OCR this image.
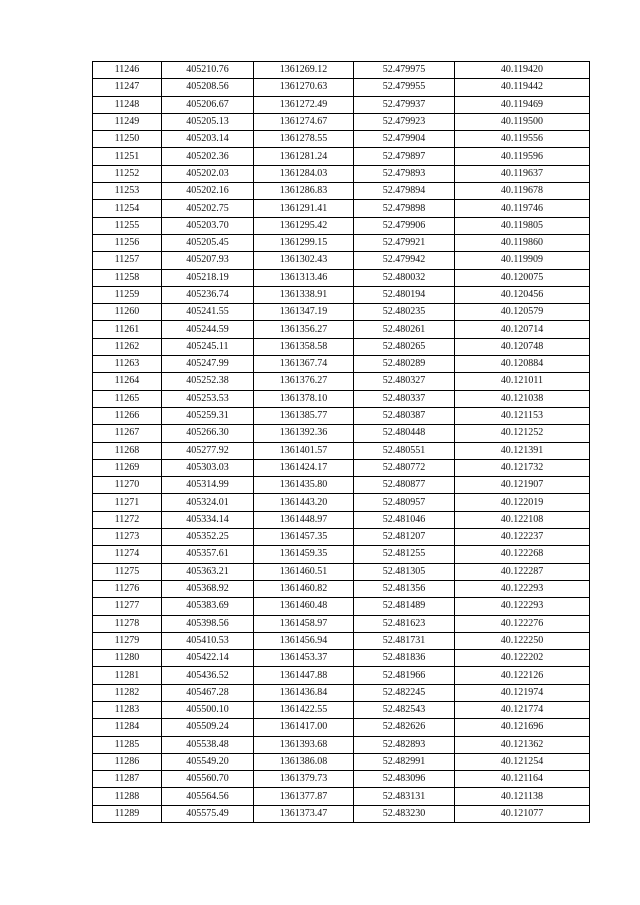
11246	405210.76	1361269.12	52.479975	40.119420
11247	405208.56	1361270.63	52.479955	40.119442
11248	405206.67	1361272.49	52.479937	40.119469
11249	405205.13	1361274.67	52.479923	40.119500
11250	405203.14	1361278.55	52.479904	40.119556
11251	405202.36	1361281.24	52.479897	40.119596
11252	405202.03	1361284.03	52.479893	40.119637
11253	405202.16	1361286.83	52.479894	40.119678
11254	405202.75	1361291.41	52.479898	40.119746
11255	405203.70	1361295.42	52.479906	40.119805
11256	405205.45	1361299.15	52.479921	40.119860
11257	405207.93	1361302.43	52.479942	40.119909
11258	405218.19	1361313.46	52.480032	40.120075
11259	405236.74	1361338.91	52.480194	40.120456
11260	405241.55	1361347.19	52.480235	40.120579
11261	405244.59	1361356.27	52.480261	40.120714
11262	405245.11	1361358.58	52.480265	40.120748
11263	405247.99	1361367.74	52.480289	40.120884
11264	405252.38	1361376.27	52.480327	40.121011
11265	405253.53	1361378.10	52.480337	40.121038
11266	405259.31	1361385.77	52.480387	40.121153
11267	405266.30	1361392.36	52.480448	40.121252
11268	405277.92	1361401.57	52.480551	40.121391
11269	405303.03	1361424.17	52.480772	40.121732
11270	405314.99	1361435.80	52.480877	40.121907
11271	405324.01	1361443.20	52.480957	40.122019
11272	405334.14	1361448.97	52.481046	40.122108
11273	405352.25	1361457.35	52.481207	40.122237
11274	405357.61	1361459.35	52.481255	40.122268
11275	405363.21	1361460.51	52.481305	40.122287
11276	405368.92	1361460.82	52.481356	40.122293
11277	405383.69	1361460.48	52.481489	40.122293
11278	405398.56	1361458.97	52.481623	40.122276
11279	405410.53	1361456.94	52.481731	40.122250
11280	405422.14	1361453.37	52.481836	40.122202
11281	405436.52	1361447.88	52.481966	40.122126
11282	405467.28	1361436.84	52.482245	40.121974
11283	405500.10	1361422.55	52.482543	40.121774
11284	405509.24	1361417.00	52.482626	40.121696
11285	405538.48	1361393.68	52.482893	40.121362
11286	405549.20	1361386.08	52.482991	40.121254
11287	405560.70	1361379.73	52.483096	40.121164
11288	405564.56	1361377.87	52.483131	40.121138
11289	405575.49	1361373.47	52.483230	40.121077
